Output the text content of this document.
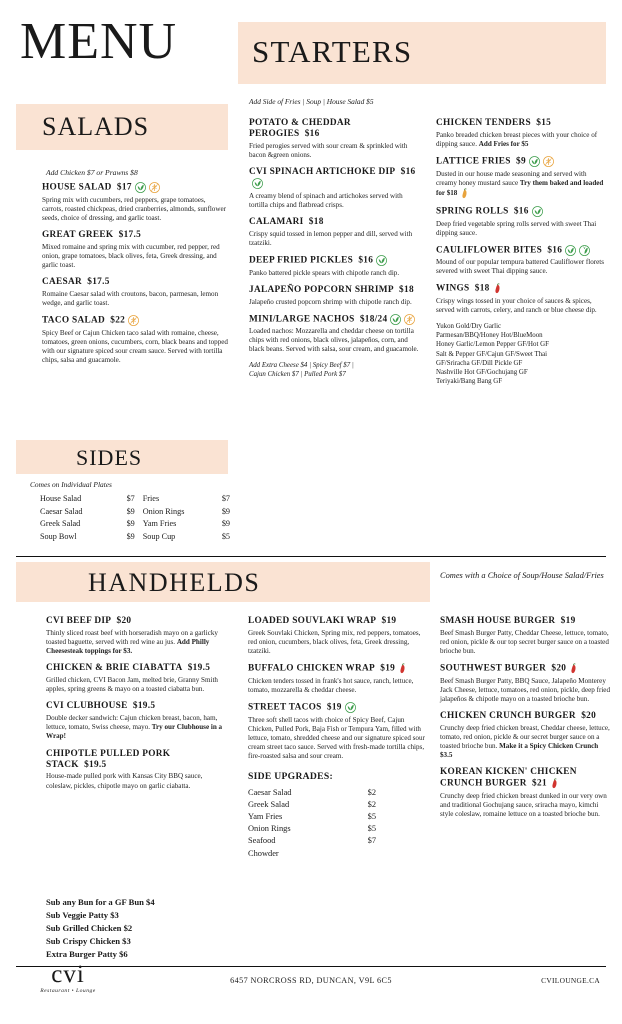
MENU STARTERS
Add Side of Fries | Soup | House Salad $5
SALADS
Add Chicken $7 or Prawns $8
HOUSE SALAD  $17
Spring mix with cucumbers, red peppers, grape tomatoes, carrots, roasted chickpeas, dried cranberries, almonds, sunflower seeds, choice of dressing, and garlic toast.
GREAT GREEK  $17.5
Mixed romaine and spring mix with cucumber, red pepper, red onion, grape tomatoes, black olives, feta, Greek dressing, and garlic toast.
CAESAR  $17.5
Romaine Caesar salad with croutons, bacon, parmesan, lemon wedge, and garlic toast.
TACO SALAD  $22
Spicy Beef or Cajun Chicken taco salad with romaine, cheese, tomatoes, green onions, cucumbers, corn, black beans and topped with our signature spiced sour cream sauce. Served with tortilla chips, salsa and guacamole.
SIDES
Comes on Individual Plates
House Salad	$7	Fries	$7
Caesar Salad	$9	Onion Rings	$9
Greek Salad	$9	Yam Fries	$9
Soup Bowl	$9	Soup Cup	$5
POTATO & CHEDDAR PEROGIES  $16
Fried perogies served with sour cream & sprinkled with bacon &green onions.
CVI SPINACH ARTICHOKE DIP  $16
A creamy blend of spinach and artichokes served with tortilla chips and flatbread crisps.
CALAMARI  $18
Crispy squid tossed in lemon pepper and dill, served with tzatziki.
DEEP FRIED PICKLES  $16
Panko battered pickle spears with chipotle ranch dip.
JALAPEÑO POPCORN SHRIMP  $18
Jalapeño crusted popcorn shrimp with chipotle ranch dip.
MINI/LARGE NACHOS  $18/24
Loaded nachos: Mozzarella and cheddar cheese on tortilla chips with red onions, black olives, jalapeños, corn, and black beans. Served with salsa, sour cream, and guacamole.
Add Extra Cheese $4 | Spicy Beef $7 |
Cajun Chicken $7 | Pulled Pork $7

CHICKEN TENDERS  $15
Panko breaded chicken breast pieces with your choice of dipping sauce. Add Fries for $5
LATTICE FRIES  $9
Dusted in our house made seasoning and served with creamy honey mustard sauce Try them baked and loaded for $18
SPRING ROLLS  $16
Deep fried vegetable spring rolls served with sweet Thai dipping sauce.
CAULIFLOWER BITES  $16	V
Mound of our popular tempura battered Cauliflower florets severed with sweet Thai dipping sauce.
WINGS  $18
Crispy wings tossed in your choice of sauces & spices, served with carrots, celery, and ranch or blue cheese dip.
Yukon Gold/Dry Garlic
Parmesan/BBQ/Honey Hot/BlueMoon
Honey Garlic/Lemon Pepper GF/Hot GF
Salt & Pepper GF/Cajun GF/Sweet Thai
GF/Sriracha GF/Dill Pickle GF
Nashville Hot GF/Gochujang GF
Teriyaki/Bang Bang GF

HANDHELDS	Comes with a Choice of Soup/House Salad/Fries
CVI BEEF DIP  $20
Thinly sliced roast beef with horseradish mayo on a garlicky toasted baguette, served with red wine au jus. Add Philly Cheesesteak toppings for $3.
CHICKEN & BRIE CIABATTA  $19.5
Grilled chicken, CVI Bacon Jam, melted brie, Granny Smith apples, spring greens & mayo on a toasted ciabatta bun.
CVI CLUBHOUSE  $19.5
Double decker sandwich: Cajun chicken breast, bacon, ham, lettuce, tomato, Swiss cheese, mayo. Try our Clubhouse in a Wrap!
CHIPOTLE PULLED PORK STACK  $19.5
House-made pulled pork with Kansas City BBQ sauce, coleslaw, pickles, chipotle mayo on garlic ciabatta.
LOADED SOUVLAKI WRAP  $19
Greek Souvlaki Chicken, Spring mix, red peppers, tomatoes, red onion, cucumbers, black olives, feta, Greek dressing, tzatziki.
BUFFALO CHICKEN WRAP  $19
Chicken tenders tossed in frank's hot sauce, ranch, lettuce, tomato, mozzarella & cheddar cheese.
STREET TACOS  $19
Three soft shell tacos with choice of Spicy Beef, Cajun Chicken, Pulled Pork, Baja Fish or Tempura Yam, filled with lettuce, tomato, shredded cheese and our signature spiced sour cream street taco sauce. Served with fresh-made tortilla chips, fire-roasted salsa and sour cream.
SIDE UPGRADES:
Caesar Salad	$2
Greek Salad	$2
Yam Fries	$5
Onion Rings	$5
Seafood	$7
Chowder	
SMASH HOUSE BURGER  $19
Beef Smash Burger Patty, Cheddar Cheese, lettuce, tomato, red onion, pickle & our top secret burger sauce on a toasted brioche bun.
SOUTHWEST BURGER  $20
Beef Smash Burger Patty, BBQ Sauce, Jalapeño Monterey Jack Cheese, lettuce, tomatoes, red onion, pickle, deep fried jalapeños & chipotle mayo on a toasted brioche bun.
CHICKEN CRUNCH BURGER  $20
Crunchy deep fried chicken breast, Cheddar cheese, lettuce, tomato, red onion, pickle & our secret burger sauce on a toasted brioche bun. Make it a Spicy Chicken Crunch $3.5
KOREAN KICKEN' CHICKEN CRUNCH BURGER  $21
Crunchy deep fried chicken breast dunked in our very own and traditional Gochujang sauce, sriracha mayo, kimchi style coleslaw, romaine lettuce on a toasted brioche bun.
Sub any Bun for a GF Bun $4
Sub Veggie Patty $3
Sub Grilled Chicken $2
Sub Crispy Chicken $3
Extra Burger Patty $6
cvi
Restaurant • Lounge
6457 NORCROSS RD, DUNCAN, V9L 6C5	CVILOUNGE.CA
